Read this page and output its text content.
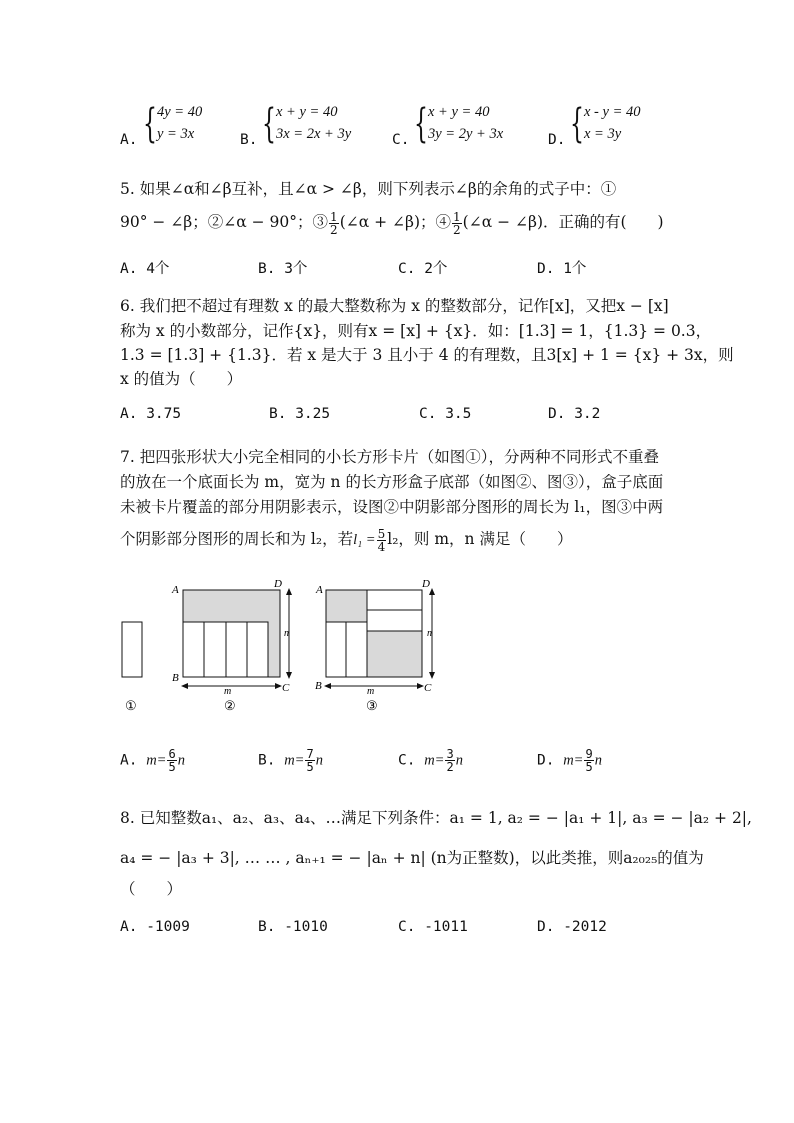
A. { 4y = 40
y = 3x	B. { x + y = 40
3x = 2x + 3y	C. { x + y = 40
3y = 2y + 3x	D. { x - y = 40
x = 3y
5. 如果∠α和∠β互补，且∠α > ∠β，则下列表示∠β的余角的式子中：①
90° − ∠β；②∠α − 90°；③ $\frac{1}{2}$ (∠α + ∠β)；④ $\frac{1}{2}$ (∠α − ∠β)．正确的有(　　)
A. 4个	B. 3个	C. 2个	D. 1个
6. 我们把不超过有理数 x 的最大整数称为 x 的整数部分，记作[x]，又把x − [x]
称为 x 的小数部分，记作{x}，则有x = [x] + {x}．如：[1.3] = 1，{1.3} = 0.3，
1.3 = [1.3] + {1.3}．若 x 是大于 3 且小于 4 的有理数，且3[x] + 1 = {x} + 3x，则
x 的值为（　　）
A. 3.75	B. 3.25	C. 3.5	D. 3.2
7. 把四张形状大小完全相同的小长方形卡片（如图①），分两种不同形式不重叠
的放在一个底面长为 m，宽为 n 的长方形盒子底部（如图②、图③），盒子底面
未被卡片覆盖的部分用阴影表示，设图②中阴影部分图形的周长为 l₁，图③中两
个阴影部分图形的周长和为 l₂，若$l_1 = \frac{5}{4} l_2$，则 m，n 满足（　　）
A	D
B
C
n
m
A	D
B	C
n
m
①	②	③
A. $m= \frac{6}{5}$ n	B. $m= \frac{7}{5}$ n	C. $m= \frac{3}{2}$ n	D. $m= \frac{9}{5}$ n
8. 已知整数a₁、a₂、a₃、a₄、…满足下列条件：a₁ = 1, a₂ = − |a₁ + 1|, a₃ = − |a₂ + 2|,
a₄ = − |a₃ + 3|, … … , aₙ₊₁ = − |aₙ + n| (n为正整数)，以此类推，则a₂₀₂₅的值为
（　　）
A. -1009	B. -1010	C. -1011	D. -2012
